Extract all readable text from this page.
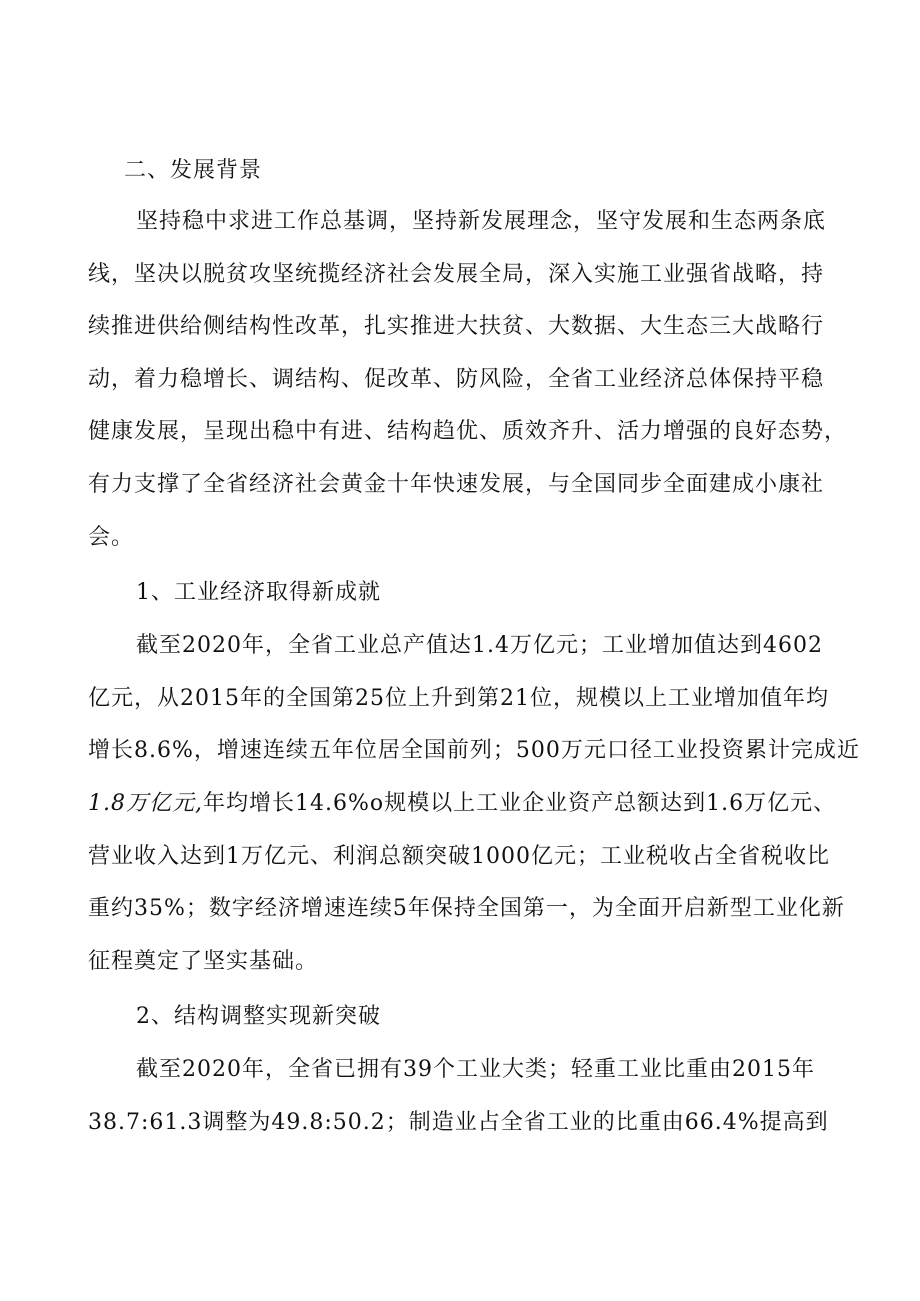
二、发展背景

坚持稳中求进工作总基调，坚持新发展理念，坚守发展和生态两条底
线，坚决以脱贫攻坚统揽经济社会发展全局，深入实施工业强省战略，持
续推进供给侧结构性改革，扎实推进大扶贫、大数据、大生态三大战略行
动，着力稳增长、调结构、促改革、防风险，全省工业经济总体保持平稳
健康发展，呈现出稳中有进、结构趋优、质效齐升、活力增强的良好态势，
有力支撑了全省经济社会黄金十年快速发展，与全国同步全面建成小康社
会。

1、工业经济取得新成就

截至2020年，全省工业总产值达1.4万亿元；工业增加值达到4602
亿元，从2015年的全国第25位上升到第21位，规模以上工业增加值年均
增长8.6%，增速连续五年位居全国前列；500万元口径工业投资累计完成近
1.8万亿元,年均增长14.6%o规模以上工业企业资产总额达到1.6万亿元、
营业收入达到1万亿元、利润总额突破1000亿元；工业税收占全省税收比
重约35%；数字经济增速连续5年保持全国第一，为全面开启新型工业化新
征程奠定了坚实基础。

2、结构调整实现新突破

截至2020年，全省已拥有39个工业大类；轻重工业比重由2015年
38.7:61.3调整为49.8:50.2；制造业占全省工业的比重由66.4%提高到
